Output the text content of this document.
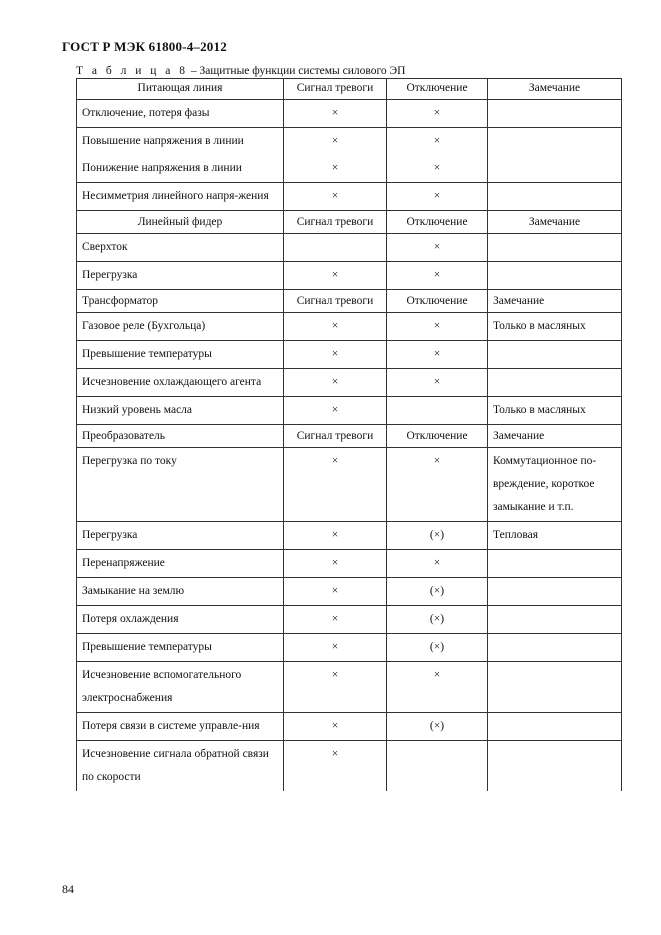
ГОСТ Р МЭК 61800-4–2012
Т а б л и ц а 8 – Защитные функции системы силового ЭП
Питающая линия	Сигнал тревоги	Отключение	Замечание
Отключение, потеря фазы	×	×	
Повышение напряжения в линии	×	×	
Понижение напряжения в линии	×	×	
Несимметрия линейного напря-жения	×	×	
Линейный фидер	Сигнал тревоги	Отключение	Замечание
Сверхток		×	
Перегрузка	×	×	
Трансформатор	Сигнал тревоги	Отключение	Замечание
Газовое реле (Бухгольца)	×	×	Только в масляных
Превышение температуры	×	×	
Исчезновение охлаждающего агента	×	×	
Низкий уровень масла	×		Только в масляных
Преобразователь	Сигнал тревоги	Отключение	Замечание
Перегрузка по току	×	×	Коммутационное по-вреждение, короткое замыкание и т.п.
Перегрузка	×	(×)	Тепловая
Перенапряжение	×	×	
Замыкание на землю	×	(×)	
Потеря охлаждения	×	(×)	
Превышение температуры	×	(×)	
Исчезновение вспомогательного электроснабжения	×	×	
Потеря связи в системе управле-ния	×	(×)	
Исчезновение сигнала обратной связи по скорости	×		
84
